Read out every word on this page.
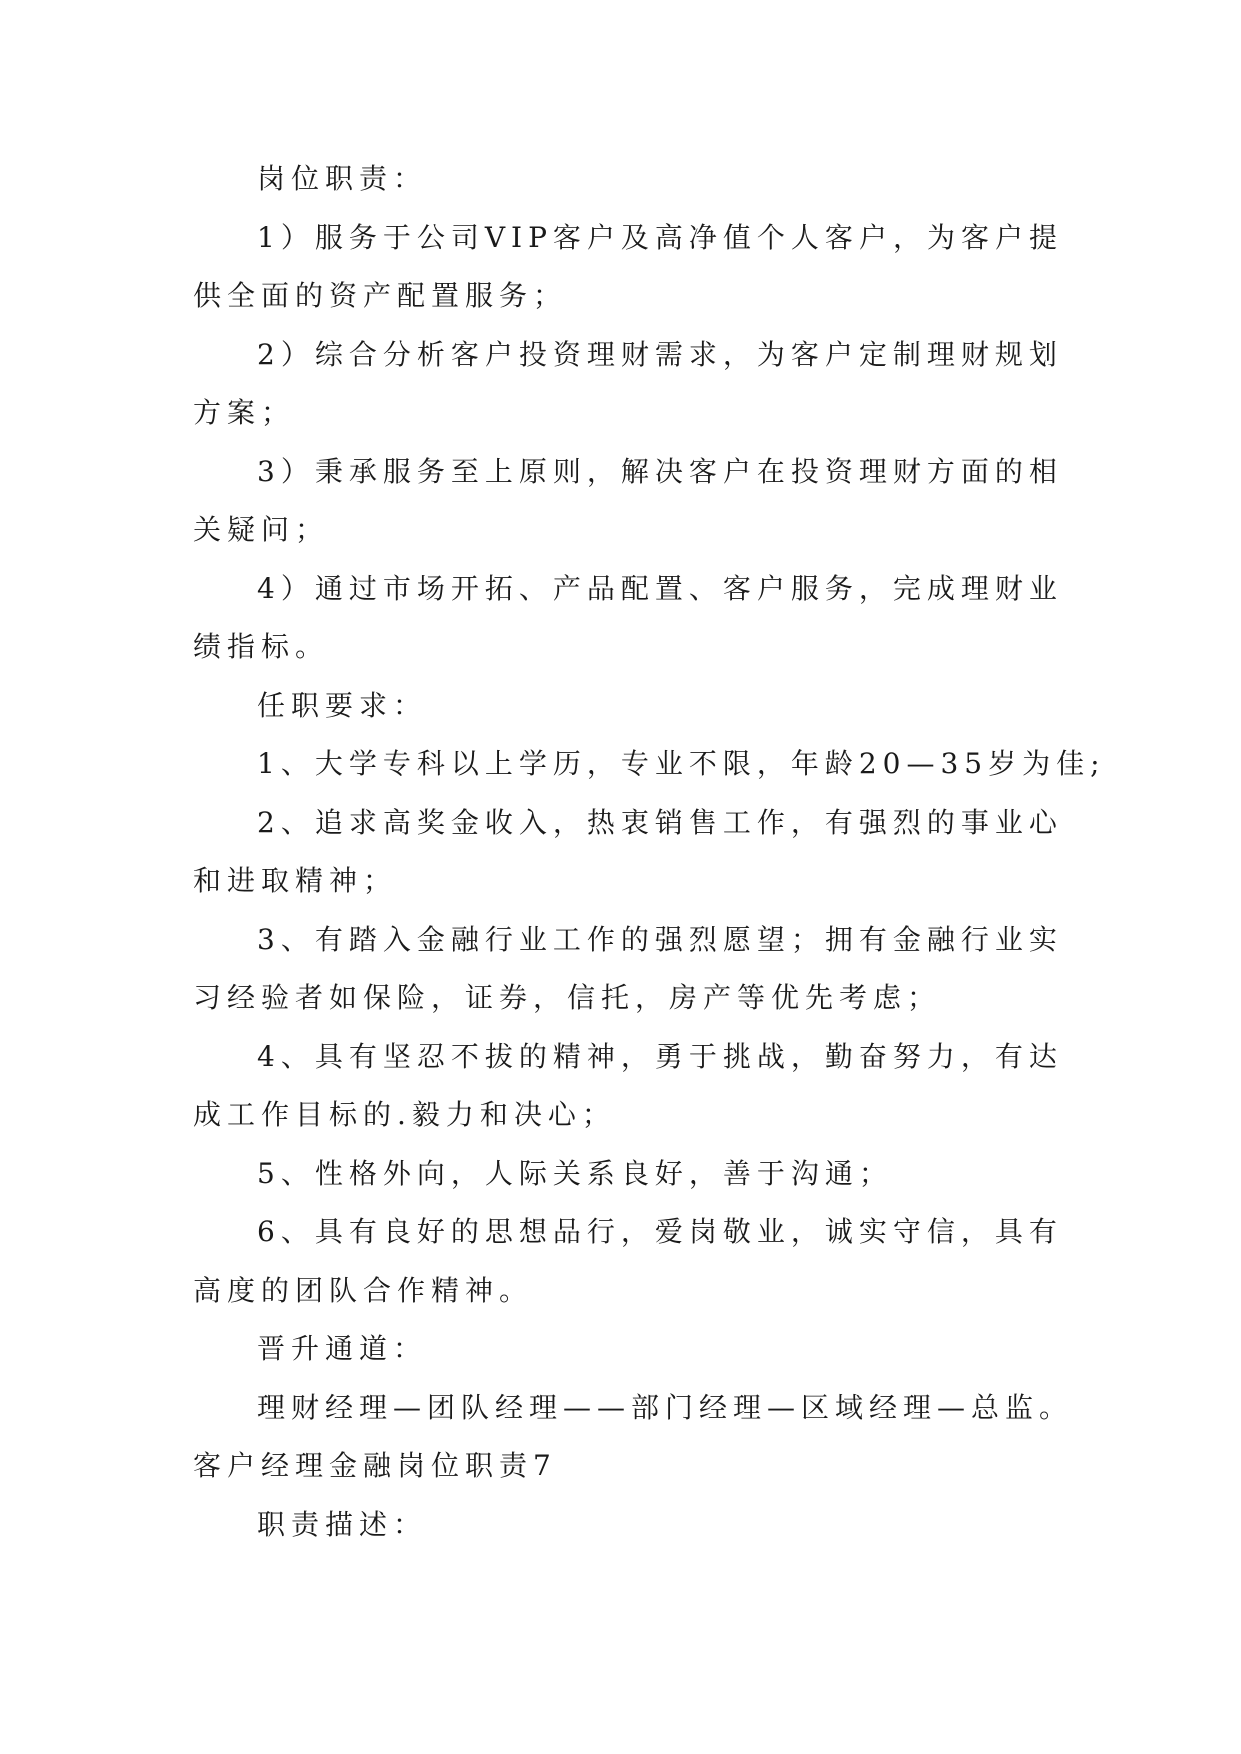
岗位职责：
1）服务于公司VIP客户及高净值个人客户，为客户提
供全面的资产配置服务；
2）综合分析客户投资理财需求，为客户定制理财规划
方案；
3）秉承服务至上原则，解决客户在投资理财方面的相
关疑问；
4）通过市场开拓、产品配置、客户服务，完成理财业
绩指标。
任职要求：
1、大学专科以上学历，专业不限，年龄20—35岁为佳;
2、追求高奖金收入，热衷销售工作，有强烈的事业心
和进取精神；
3、有踏入金融行业工作的强烈愿望；拥有金融行业实
习经验者如保险，证券，信托，房产等优先考虑；
4、具有坚忍不拔的精神，勇于挑战，勤奋努力，有达
成工作目标的.毅力和决心；
5、性格外向，人际关系良好，善于沟通；
6、具有良好的思想品行，爱岗敬业，诚实守信，具有
高度的团队合作精神。
晋升通道：
理财经理—团队经理——部门经理—区域经理—总监。
客户经理金融岗位职责7
职责描述：
